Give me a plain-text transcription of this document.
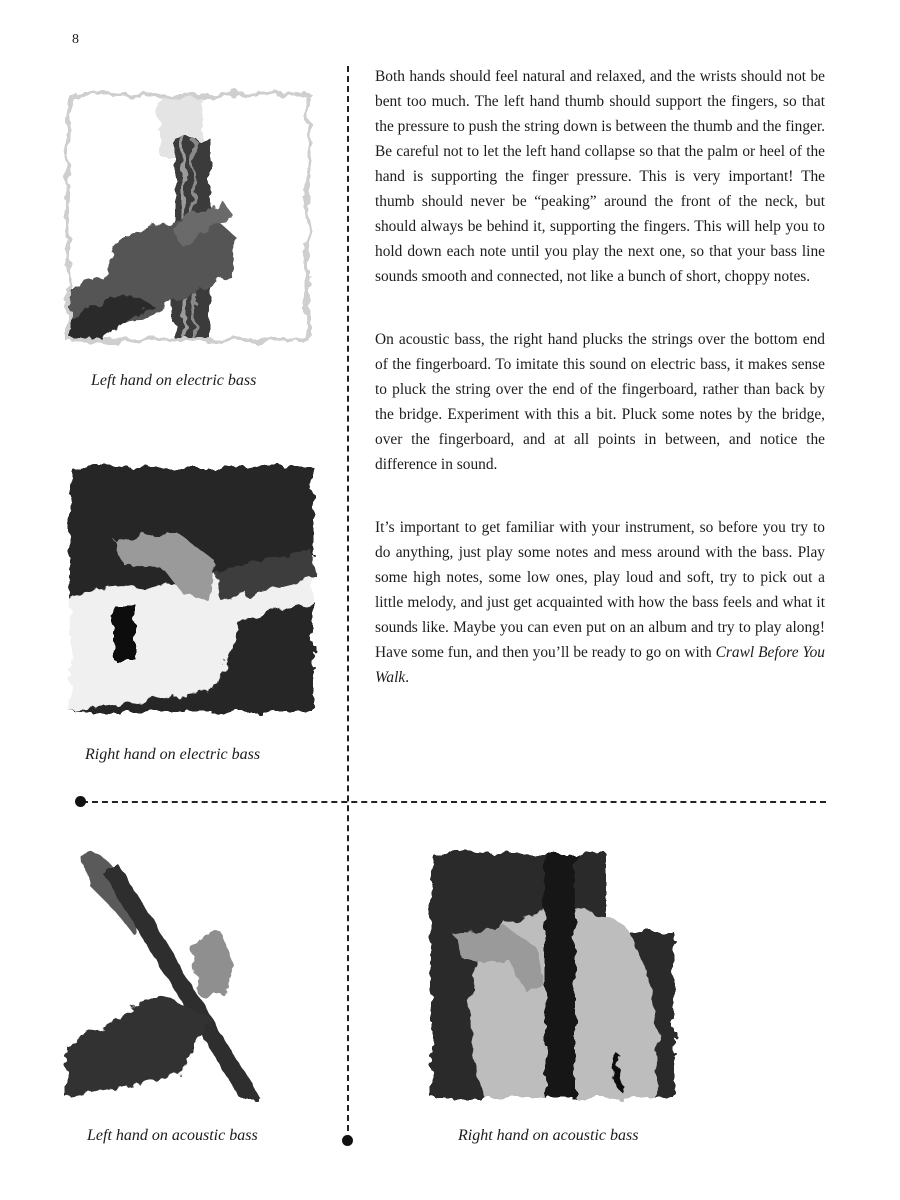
8
Left hand on electric bass
Right hand on electric bass
Left hand on acoustic bass	Right hand on acoustic bass

Both hands should feel natural and relaxed, and the wrists should not be bent too much. The left hand thumb should support the fingers, so that the pressure to push the string down is between the thumb and the finger. Be careful not to let the left hand collapse so that the palm or heel of the hand is supporting the finger pressure. This is very important! The thumb should never be “peaking” around the front of the neck, but should always be behind it, supporting the fingers. This will help you to hold down each note until you play the next one, so that your bass line sounds smooth and connected, not like a bunch of short, choppy notes.

On acoustic bass, the right hand plucks the strings over the bottom end of the fingerboard. To imitate this sound on electric bass, it makes sense to pluck the string over the end of the fingerboard, rather than back by the bridge. Experiment with this a bit. Pluck some notes by the bridge, over the fingerboard, and at all points in between, and notice the difference in sound.

It’s important to get familiar with your instrument, so before you try to do anything, just play some notes and mess around with the bass. Play some high notes, some low ones, play loud and soft, try to pick out a little melody, and just get acquainted with how the bass feels and what it sounds like. Maybe you can even put on an album and try to play along! Have some fun, and then you’ll be ready to go on with Crawl Before You Walk.
